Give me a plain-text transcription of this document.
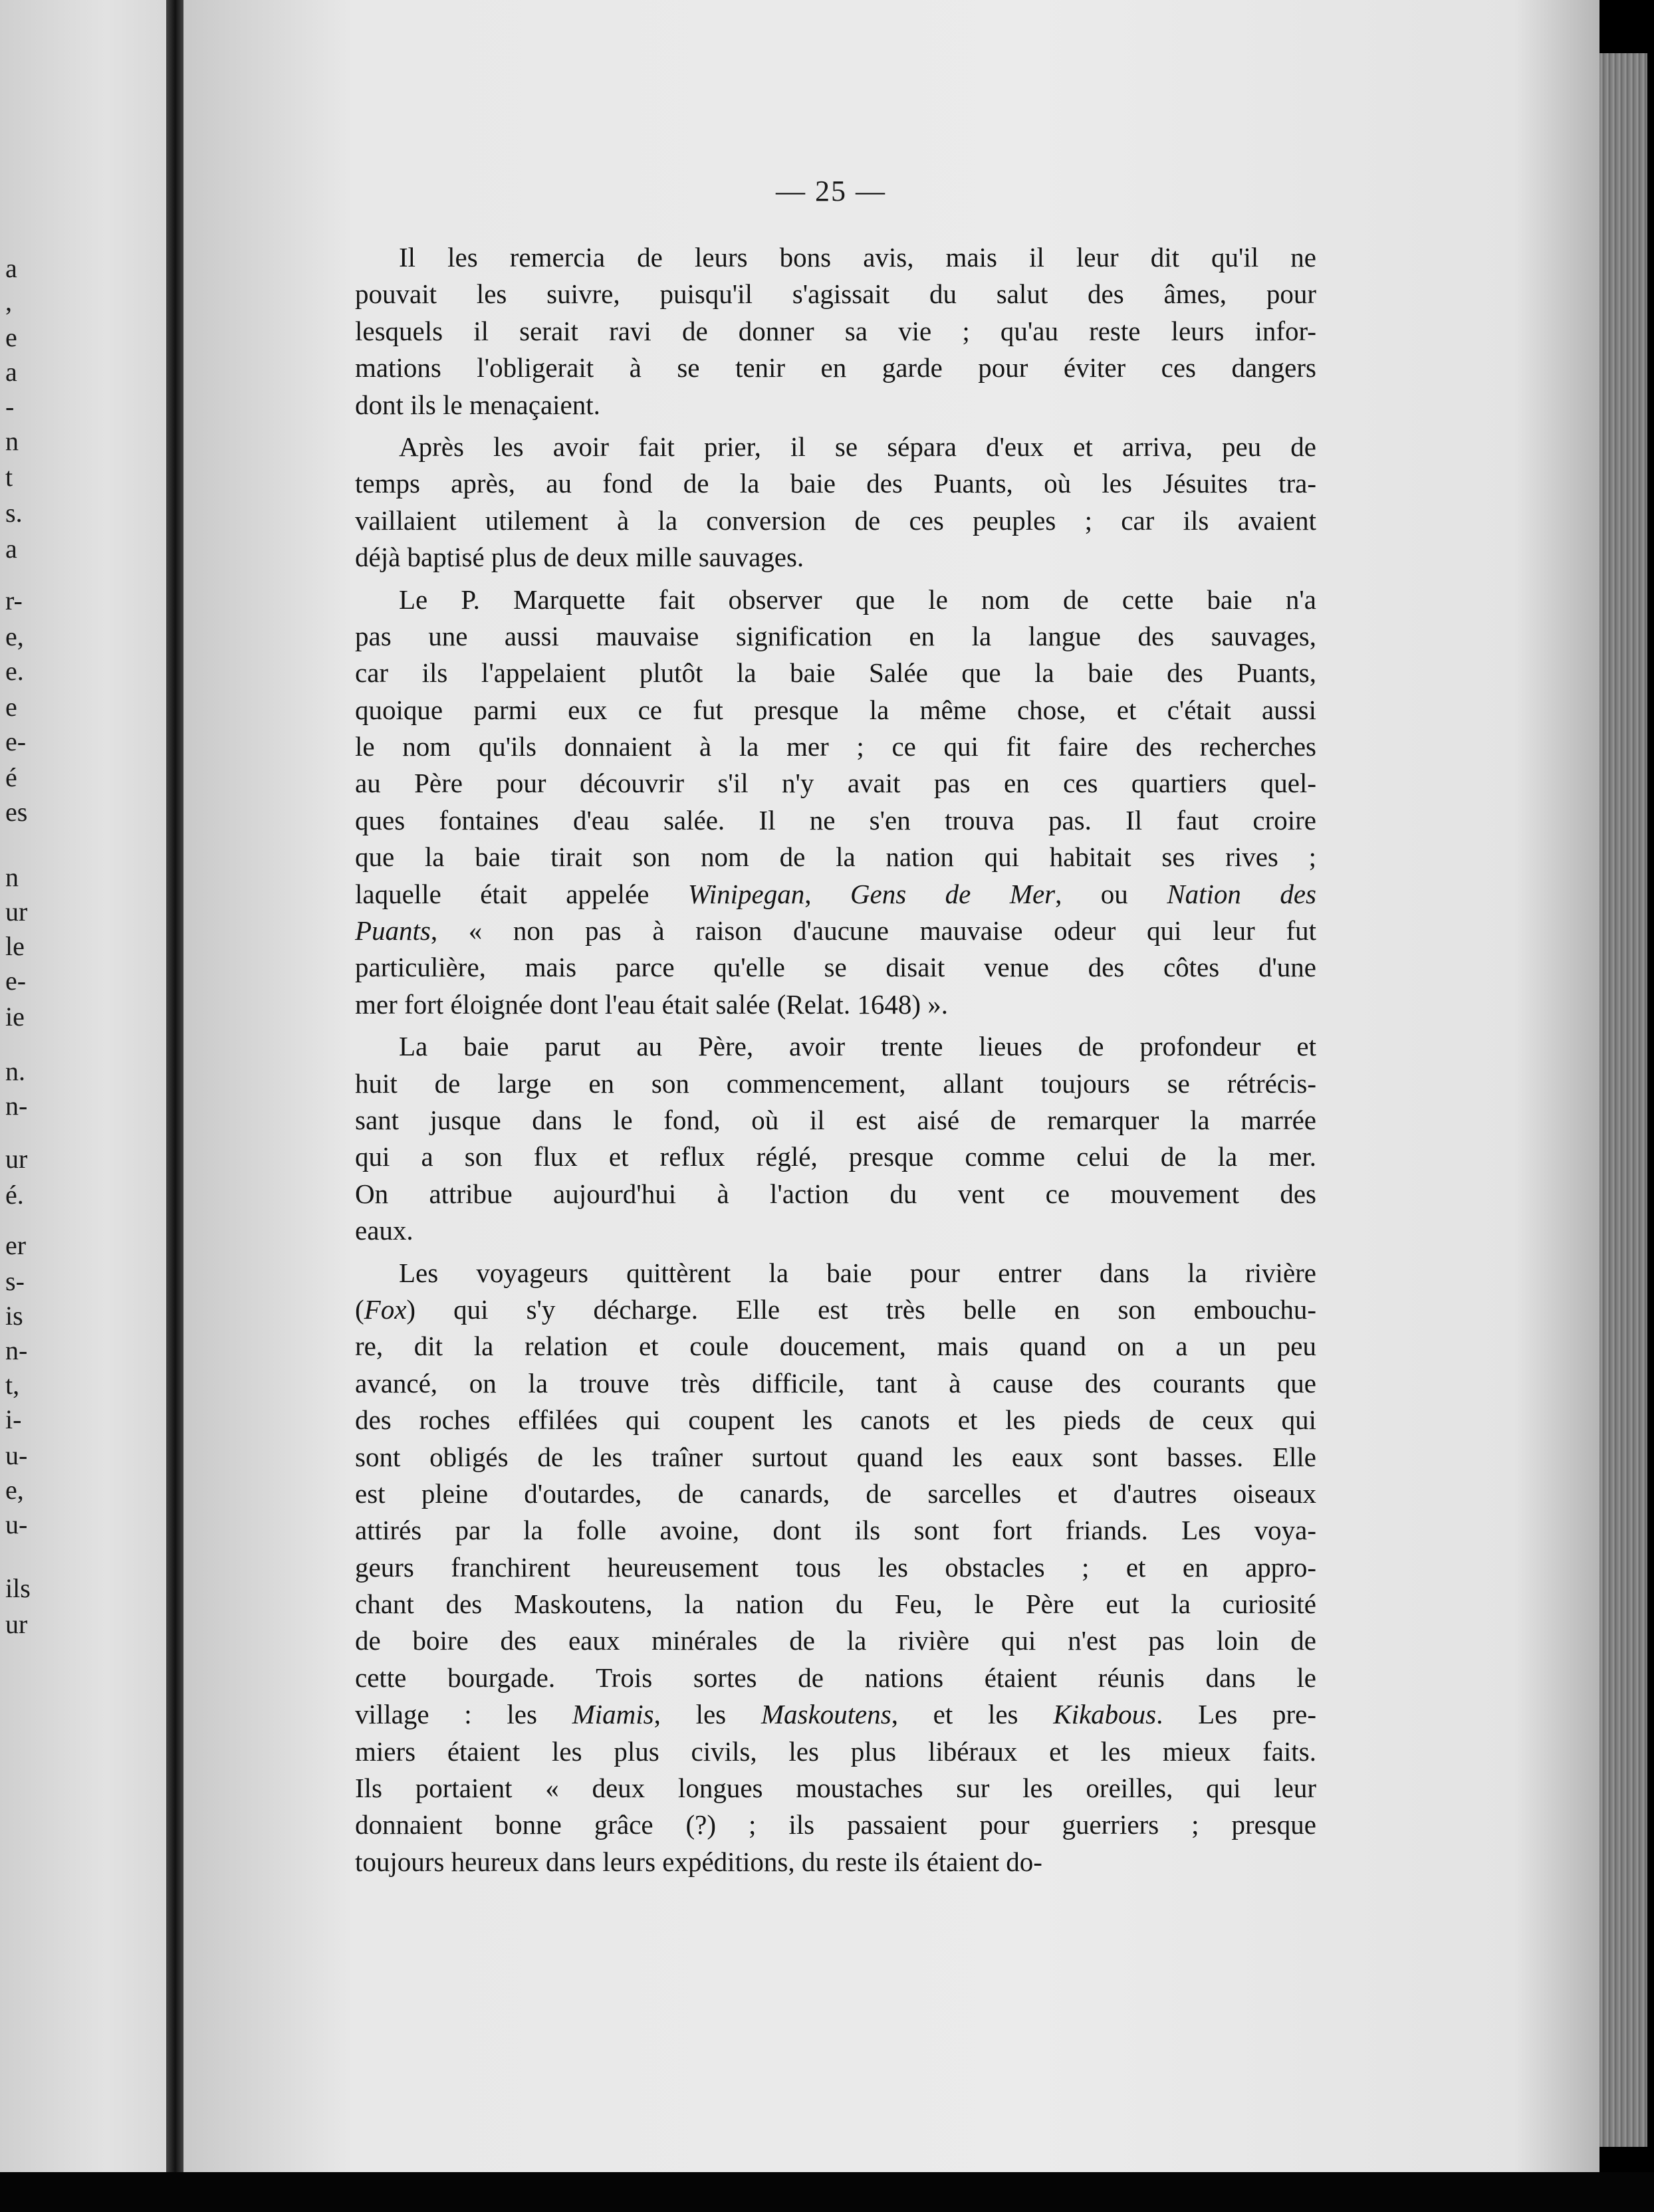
a
,
e
a
-
n
t
s.
a
r-
e,
e.
e
e-
é
es
n
ur
le
e-
ie
n.
n-
ur
é.
er
s-
is
n-
t,
i-
u-
e,
u-
ils
ur
— 25 —
Il les remercia de leurs bons avis, mais il leur dit qu'il ne
pouvait les suivre, puisqu'il s'agissait du salut des âmes, pour
lesquels il serait ravi de donner sa vie ; qu'au reste leurs infor-
mations l'obligerait à se tenir en garde pour éviter ces dangers
dont ils le menaçaient.
Après les avoir fait prier, il se sépara d'eux et arriva, peu de
temps après, au fond de la baie des Puants, où les Jésuites tra-
vaillaient utilement à la conversion de ces peuples ; car ils avaient
déjà baptisé plus de deux mille sauvages.
Le P. Marquette fait observer que le nom de cette baie n'a
pas une aussi mauvaise signification en la langue des sauvages,
car ils l'appelaient plutôt la baie Salée que la baie des Puants,
quoique parmi eux ce fut presque la même chose, et c'était aussi
le nom qu'ils donnaient à la mer ; ce qui fit faire des recherches
au Père pour découvrir s'il n'y avait pas en ces quartiers quel-
ques fontaines d'eau salée. Il ne s'en trouva pas. Il faut croire
que la baie tirait son nom de la nation qui habitait ses rives ;
laquelle était appelée Winipegan, Gens de Mer, ou Nation des
Puants, « non pas à raison d'aucune mauvaise odeur qui leur fut
particulière, mais parce qu'elle se disait venue des côtes d'une
mer fort éloignée dont l'eau était salée (Relat. 1648) ».
La baie parut au Père, avoir trente lieues de profondeur et
huit de large en son commencement, allant toujours se rétrécis-
sant jusque dans le fond, où il est aisé de remarquer la marrée
qui a son flux et reflux réglé, presque comme celui de la mer.
On attribue aujourd'hui à l'action du vent ce mouvement des
eaux.
Les voyageurs quittèrent la baie pour entrer dans la rivière
(Fox) qui s'y décharge. Elle est très belle en son embouchu-
re, dit la relation et coule doucement, mais quand on a un peu
avancé, on la trouve très difficile, tant à cause des courants que
des roches effilées qui coupent les canots et les pieds de ceux qui
sont obligés de les traîner surtout quand les eaux sont basses. Elle
est pleine d'outardes, de canards, de sarcelles et d'autres oiseaux
attirés par la folle avoine, dont ils sont fort friands. Les voya-
geurs franchirent heureusement tous les obstacles ; et en appro-
chant des Maskoutens, la nation du Feu, le Père eut la curiosité
de boire des eaux minérales de la rivière qui n'est pas loin de
cette bourgade. Trois sortes de nations étaient réunis dans le
village : les Miamis, les Maskoutens, et les Kikabous. Les pre-
miers étaient les plus civils, les plus libéraux et les mieux faits.
Ils portaient « deux longues moustaches sur les oreilles, qui leur
donnaient bonne grâce (?) ; ils passaient pour guerriers ; presque
toujours heureux dans leurs expéditions, du reste ils étaient do-
